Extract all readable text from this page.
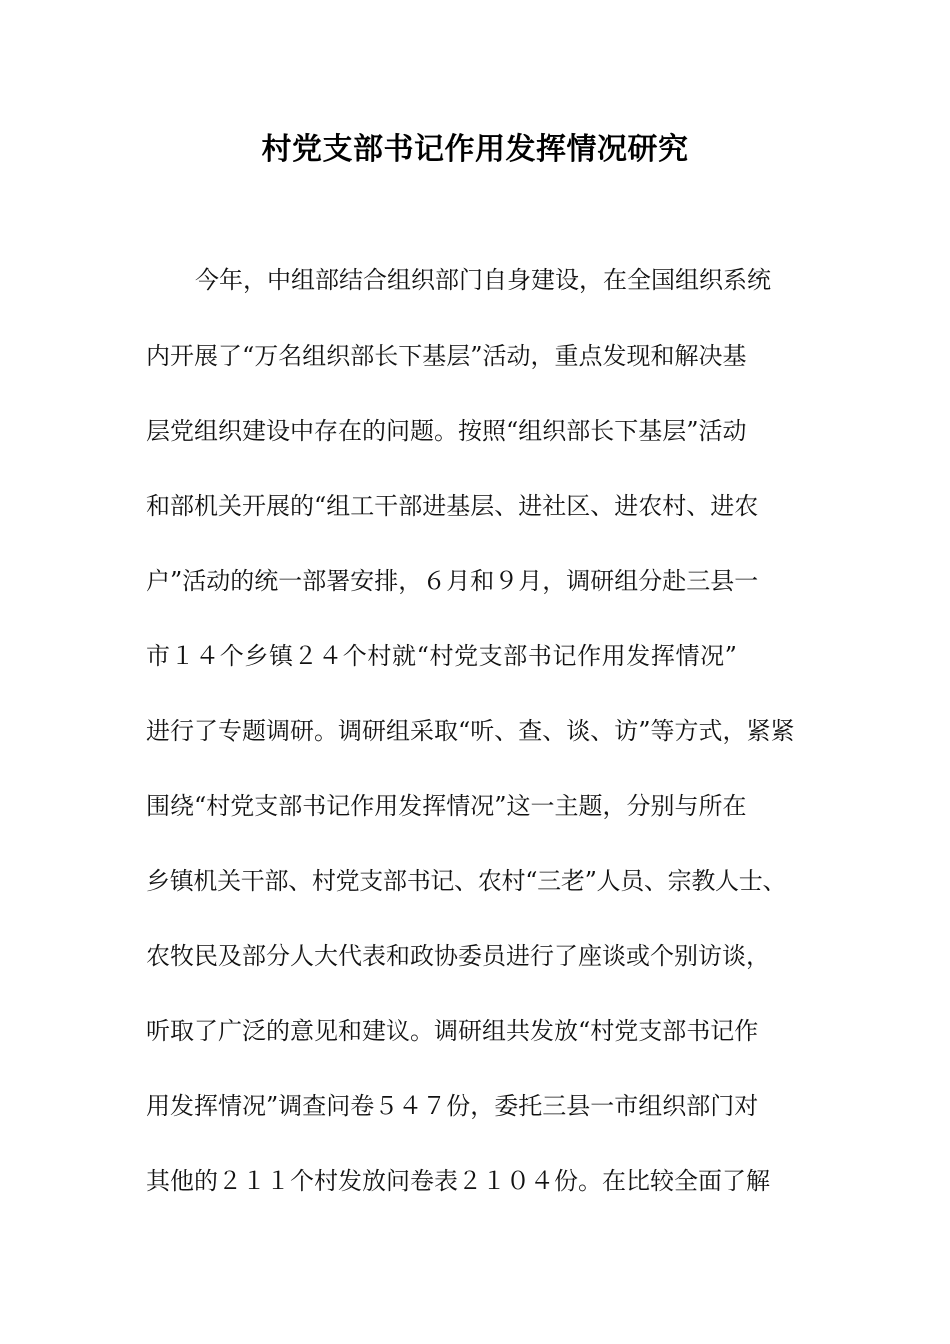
村党支部书记作用发挥情况研究
今年，中组部结合组织部门自身建设，在全国组织系统
内开展了“万名组织部长下基层”活动，重点发现和解决基
层党组织建设中存在的问题。按照“组织部长下基层”活动
和部机关开展的“组工干部进基层、进社区、进农村、进农
户”活动的统一部署安排，６月和９月，调研组分赴三县一
市１４个乡镇２４个村就“村党支部书记作用发挥情况”
进行了专题调研。调研组采取“听、查、谈、访”等方式，紧紧
围绕“村党支部书记作用发挥情况”这一主题，分别与所在
乡镇机关干部、村党支部书记、农村“三老”人员、宗教人士、
农牧民及部分人大代表和政协委员进行了座谈或个别访谈，
听取了广泛的意见和建议。调研组共发放“村党支部书记作
用发挥情况”调查问卷５４７份，委托三县一市组织部门对
其他的２１１个村发放问卷表２１０４份。在比较全面了解
